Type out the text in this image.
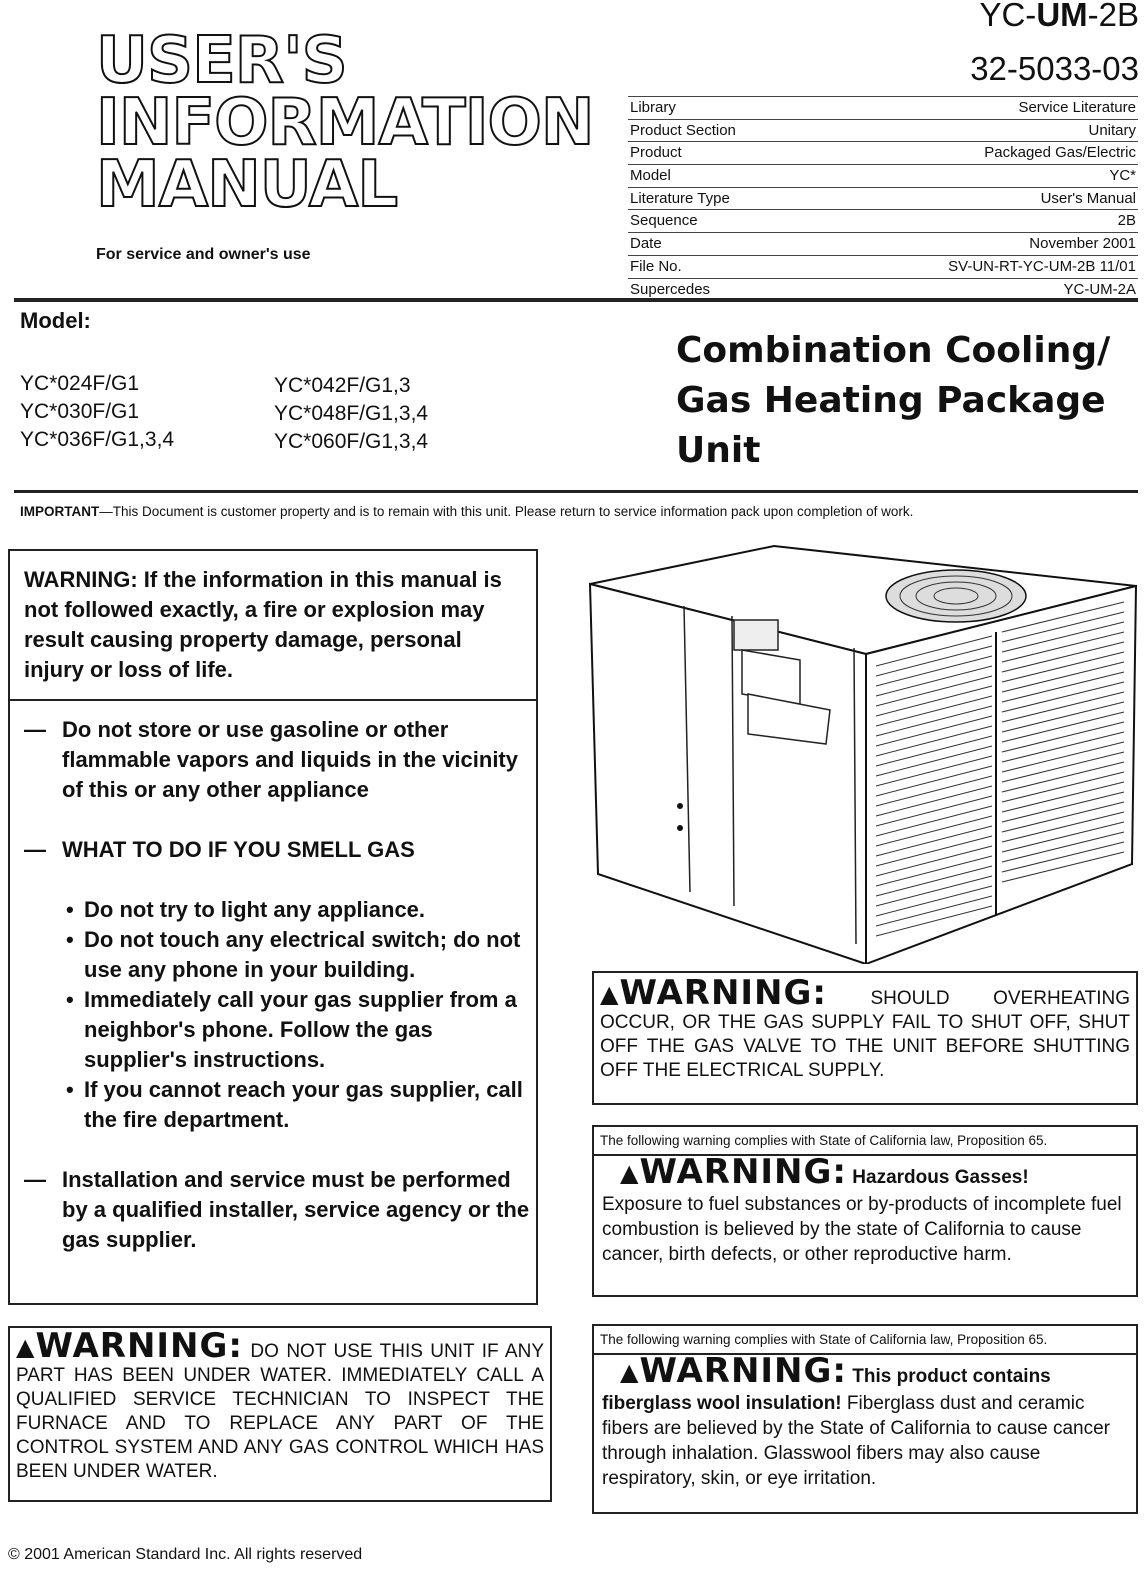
USER'S
INFORMATION
MANUAL
For service and owner's use
YC-UM-2B
32-5033-03
Library	Service Literature
Product Section	Unitary
Product	Packaged Gas/Electric
Model	YC*
Literature Type	User's Manual
Sequence	2B
Date	November 2001
File No.	SV-UN-RT-YC-UM-2B 11/01
Supercedes	YC-UM-2A
Model:
YC*024F/G1
YC*030F/G1
YC*036F/G1,3,4
YC*042F/G1,3
YC*048F/G1,3,4
YC*060F/G1,3,4
Combination Cooling/
Gas Heating Package
Unit
IMPORTANT—This Document is customer property and is to remain with this unit. Please return to service information pack upon completion of work.
WARNING: If the information in this manual is not followed exactly, a fire or explosion may result causing property damage, personal injury or loss of life.
— Do not store or use gasoline or other flammable vapors and liquids in the vicinity of this or any other appliance
— WHAT TO DO IF YOU SMELL GAS
• Do not try to light any appliance.
• Do not touch any electrical switch; do not use any phone in your building.
• Immediately call your gas supplier from a neighbor's phone. Follow the gas supplier's instructions.
• If you cannot reach your gas supplier, call the fire department.
— Installation and service must be performed by a qualified installer, service agency or the gas supplier.
▲WARNING: SHOULD OVERHEATING OCCUR, OR THE GAS SUPPLY FAIL TO SHUT OFF, SHUT OFF THE GAS VALVE TO THE UNIT BEFORE SHUTTING OFF THE ELECTRICAL SUPPLY.
The following warning complies with State of California law, Proposition 65.
▲WARNING: Hazardous Gasses!
Exposure to fuel substances or by-products of incomplete fuel combustion is believed by the state of California to cause cancer, birth defects, or other reproductive harm.
The following warning complies with State of California law, Proposition 65.
▲WARNING: This product contains
fiberglass wool insulation! Fiberglass dust and ceramic fibers are believed by the State of California to cause cancer through inhalation. Glasswool fibers may also cause respiratory, skin, or eye irritation.
▲WARNING: DO NOT USE THIS UNIT IF ANY PART HAS BEEN UNDER WATER. IMMEDIATELY CALL A QUALIFIED SERVICE TECHNICIAN TO INSPECT THE FURNACE AND TO REPLACE ANY PART OF THE CONTROL SYSTEM AND ANY GAS CONTROL WHICH HAS BEEN UNDER WATER.
© 2001 American Standard Inc. All rights reserved
